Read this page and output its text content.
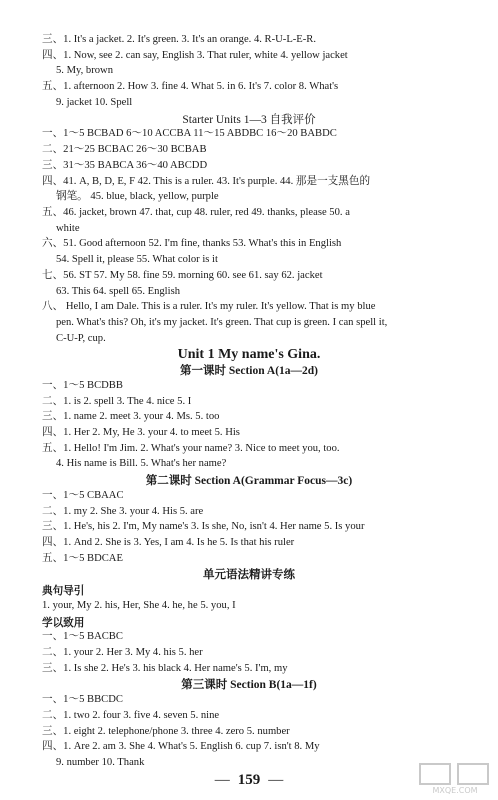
三、1. It's a jacket. 2. It's green. 3. It's an orange. 4. R-U-L-E-R.
四、1. Now, see 2. can say, English 3. That ruler, white 4. yellow jacket
5. My, brown
五、1. afternoon 2. How 3. fine 4. What 5. in 6. It's 7. color 8. What's
9. jacket 10. Spell
Starter Units 1—3 自我评价
一、1～5 BCBAD 6～10 ACCBA 11～15 ABDBC 16～20 BABDC
二、21～25 BCBAC 26～30 BCBAB
三、31～35 BABCA 36～40 ABCDD
四、41. A, B, D, E, F 42. This is a ruler. 43. It's purple. 44. 那是一支黑色的
钢笔。 45. blue, black, yellow, purple
五、46. jacket, brown 47. that, cup 48. ruler, red 49. thanks, please 50. a
white
六、51. Good afternoon 52. I'm fine, thanks 53. What's this in English
54. Spell it, please 55. What color is it
七、56. ST 57. My 58. fine 59. morning 60. see 61. say 62. jacket
63. This 64. spell 65. English
八、 Hello, I am Dale. This is a ruler. It's my ruler. It's yellow. That is my blue
pen. What's this? Oh, it's my jacket. It's green. That cup is green. I can spell it,
C-U-P, cup.
Unit 1 My name's Gina.
第一课时 Section A(1a—2d)
一、1～5 BCDBB
二、1. is 2. spell 3. The 4. nice 5. I
三、1. name 2. meet 3. your 4. Ms. 5. too
四、1. Her 2. My, He 3. your 4. to meet 5. His
五、1. Hello! I'm Jim. 2. What's your name? 3. Nice to meet you, too.
4. His name is Bill. 5. What's her name?
第二课时 Section A(Grammar Focus—3c)
一、1～5 CBAAC
二、1. my 2. She 3. your 4. His 5. are
三、1. He's, his 2. I'm, My name's 3. Is she, No, isn't 4. Her name 5. Is your
四、1. And 2. She is 3. Yes, I am 4. Is he 5. Is that his ruler
五、1～5 BDCAE
单元语法精讲专练
典句导引
1. your, My 2. his, Her, She 4. he, he 5. you, I
学以致用
一、1～5 BACBC
二、1. your 2. Her 3. My 4. his 5. her
三、1. Is she 2. He's 3. his black 4. Her name's 5. I'm, my
第三课时 Section B(1a—1f)
一、1～5 BBCDC
二、1. two 2. four 3. five 4. seven 5. nine
三、1. eight 2. telephone/phone 3. three 4. zero 5. number
四、1. Are 2. am 3. She 4. What's 5. English 6. cup 7. isn't 8. My
9. number 10. Thank
— 159 —
MXQE.COM
